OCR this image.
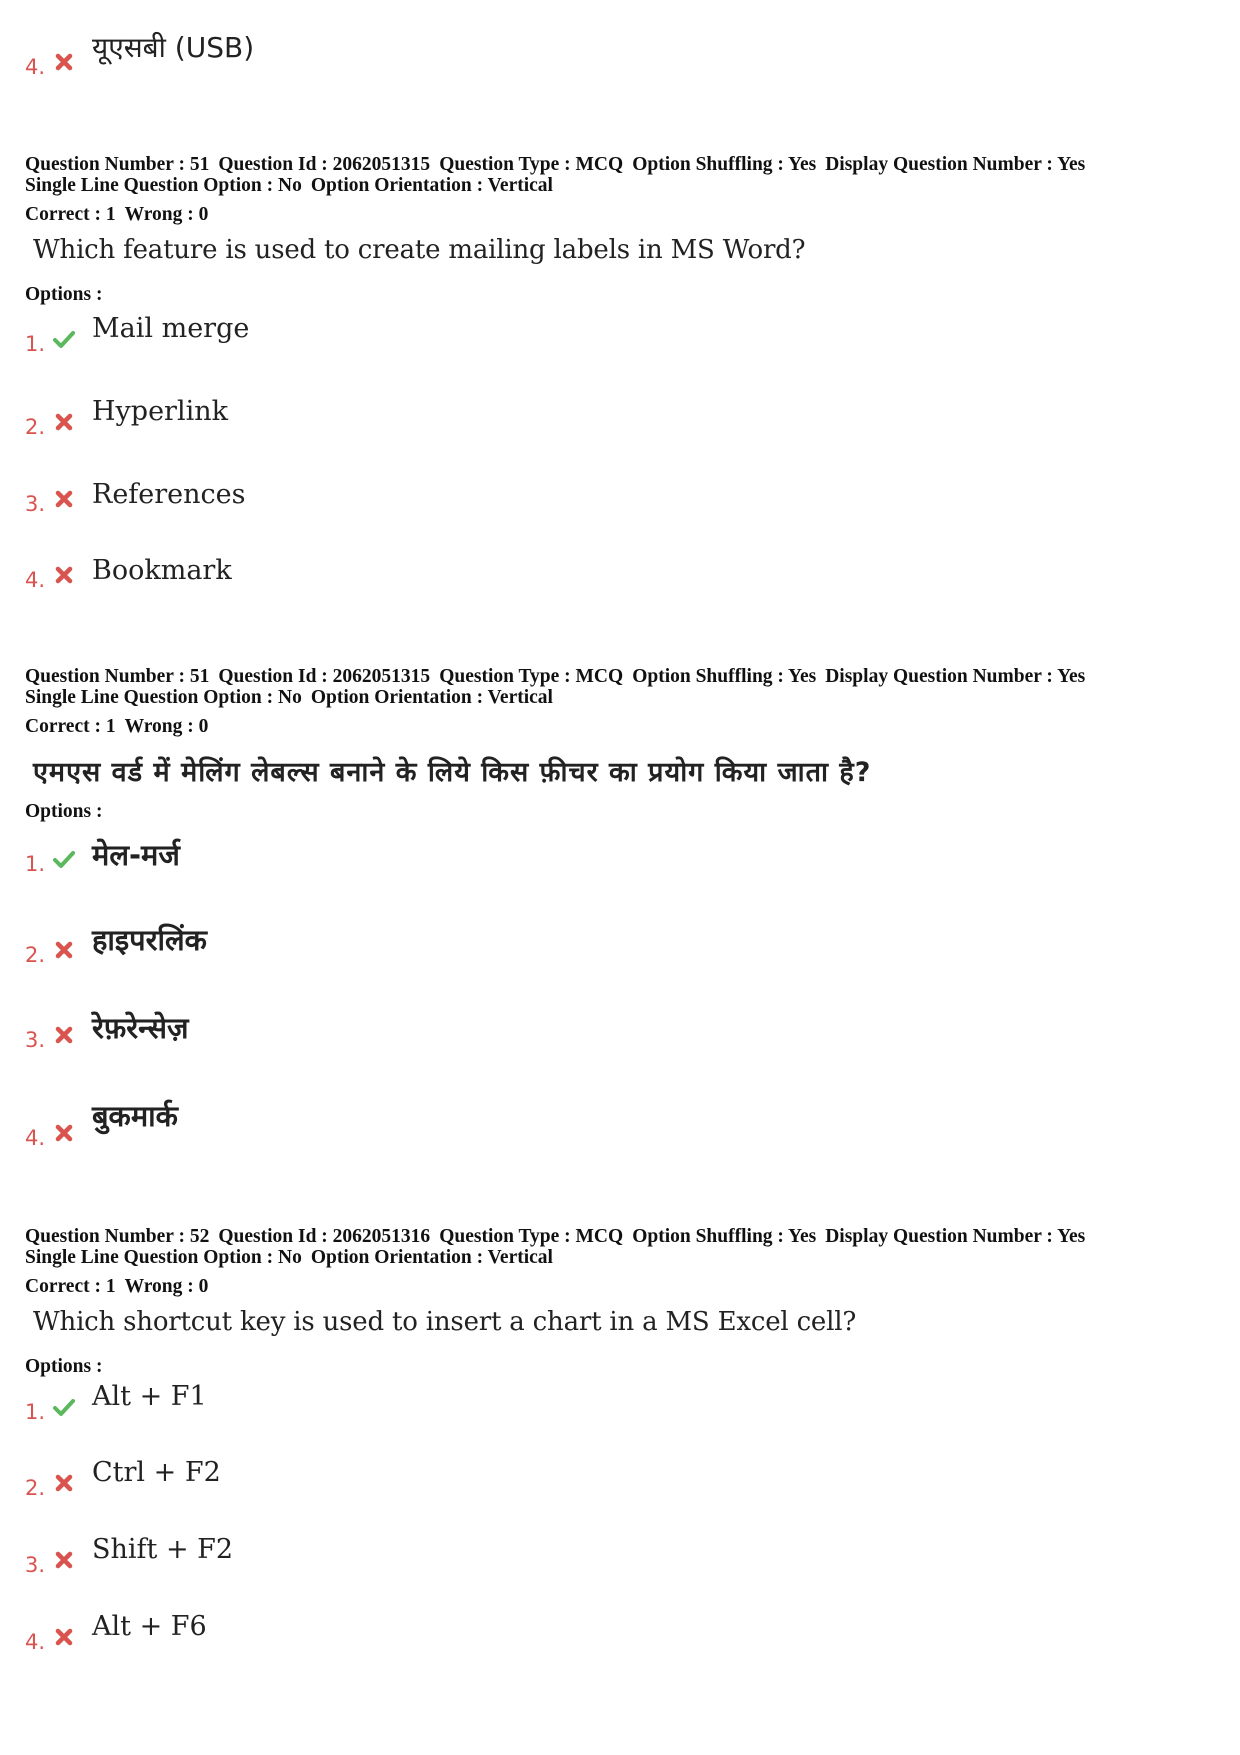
4.
यूएसबी (USB)
Question Number : 51 Question Id : 2062051315 Question Type : MCQ Option Shuffling : Yes Display Question Number : Yes
Single Line Question Option : No Option Orientation : Vertical
Correct : 1 Wrong : 0
Which feature is used to create mailing labels in MS Word?
Options :
1. Mail merge
2. Hyperlink
3. References
4. Bookmark
Question Number : 51 Question Id : 2062051315 Question Type : MCQ Option Shuffling : Yes Display Question Number : Yes
Single Line Question Option : No Option Orientation : Vertical
Correct : 1 Wrong : 0
एमएस वर्ड में मेलिंग लेबल्स बनाने के लिये किस फ़ीचर का प्रयोग किया जाता है?
Options :
1. मेल-मर्ज
2. हाइपरलिंक
3. रेफ़रेन्सेज़
4.
बुकमार्क
Question Number : 52 Question Id : 2062051316 Question Type : MCQ Option Shuffling : Yes Display Question Number : Yes
Single Line Question Option : No Option Orientation : Vertical
Correct : 1 Wrong : 0
Which shortcut key is used to insert a chart in a MS Excel cell?
Options :
1. Alt + F1
2. Ctrl + F2
3. Shift + F2
4. Alt + F6
